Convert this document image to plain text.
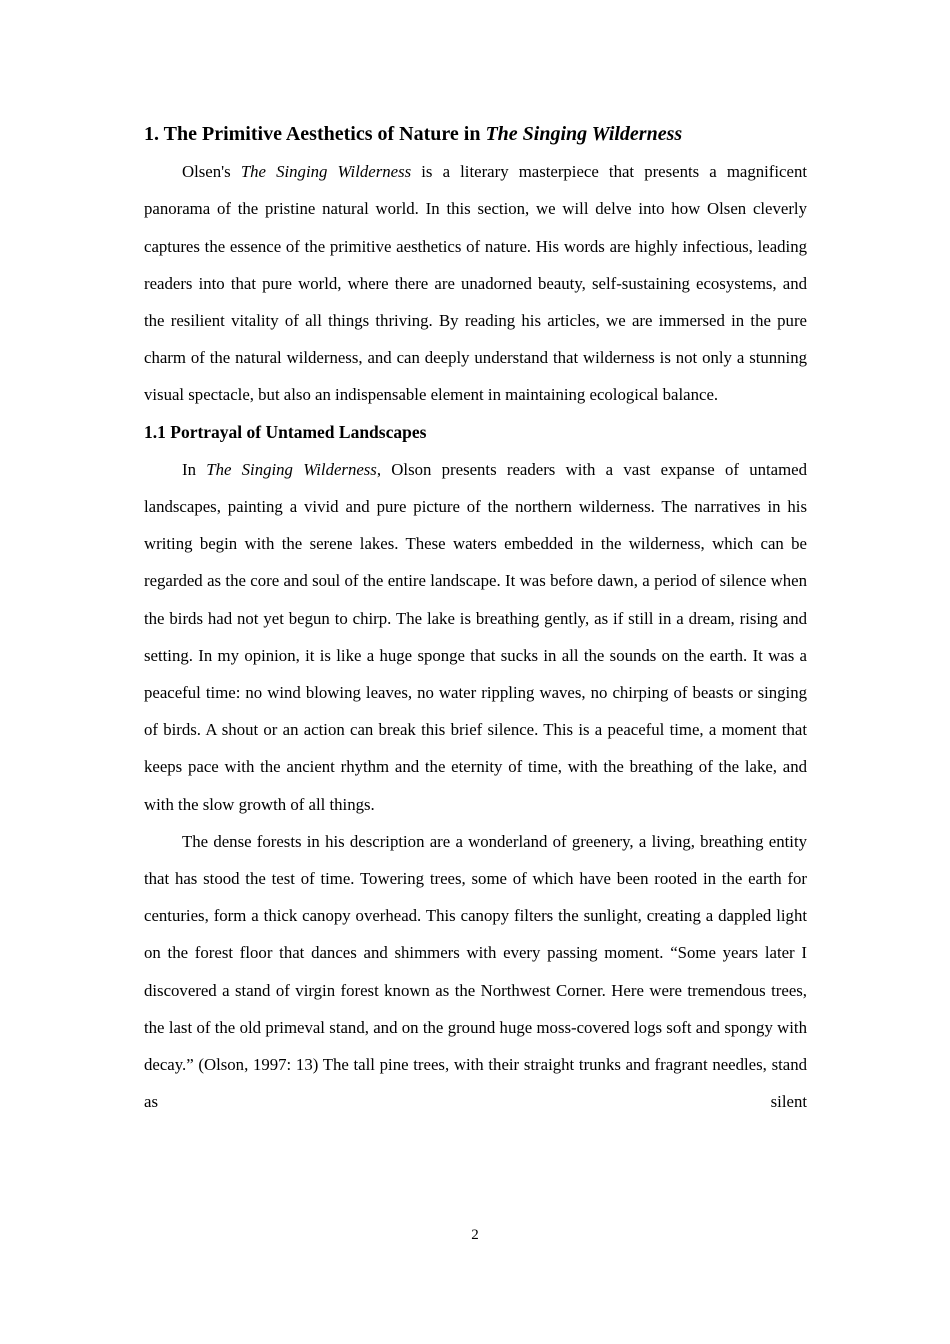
1. The Primitive Aesthetics of Nature in The Singing Wilderness

Olsen's The Singing Wilderness is a literary masterpiece that presents a magnificent panorama of the pristine natural world. In this section, we will delve into how Olsen cleverly captures the essence of the primitive aesthetics of nature. His words are highly infectious, leading readers into that pure world, where there are unadorned beauty, self-sustaining ecosystems, and the resilient vitality of all things thriving. By reading his articles, we are immersed in the pure charm of the natural wilderness, and can deeply understand that wilderness is not only a stunning visual spectacle, but also an indispensable element in maintaining ecological balance.

1.1 Portrayal of Untamed Landscapes

In The Singing Wilderness, Olson presents readers with a vast expanse of untamed landscapes, painting a vivid and pure picture of the northern wilderness. The narratives in his writing begin with the serene lakes. These waters embedded in the wilderness, which can be regarded as the core and soul of the entire landscape. It was before dawn, a period of silence when the birds had not yet begun to chirp. The lake is breathing gently, as if still in a dream, rising and setting. In my opinion, it is like a huge sponge that sucks in all the sounds on the earth. It was a peaceful time: no wind blowing leaves, no water rippling waves, no chirping of beasts or singing of birds. A shout or an action can break this brief silence. This is a peaceful time, a moment that keeps pace with the ancient rhythm and the eternity of time, with the breathing of the lake, and with the slow growth of all things.

The dense forests in his description are a wonderland of greenery, a living, breathing entity that has stood the test of time. Towering trees, some of which have been rooted in the earth for centuries, form a thick canopy overhead. This canopy filters the sunlight, creating a dappled light on the forest floor that dances and shimmers with every passing moment. “Some years later I discovered a stand of virgin forest known as the Northwest Corner. Here were tremendous trees, the last of the old primeval stand, and on the ground huge moss-covered logs soft and spongy with decay.” (Olson, 1997: 13) The tall pine trees, with their straight trunks and fragrant needles, stand as silent

2
